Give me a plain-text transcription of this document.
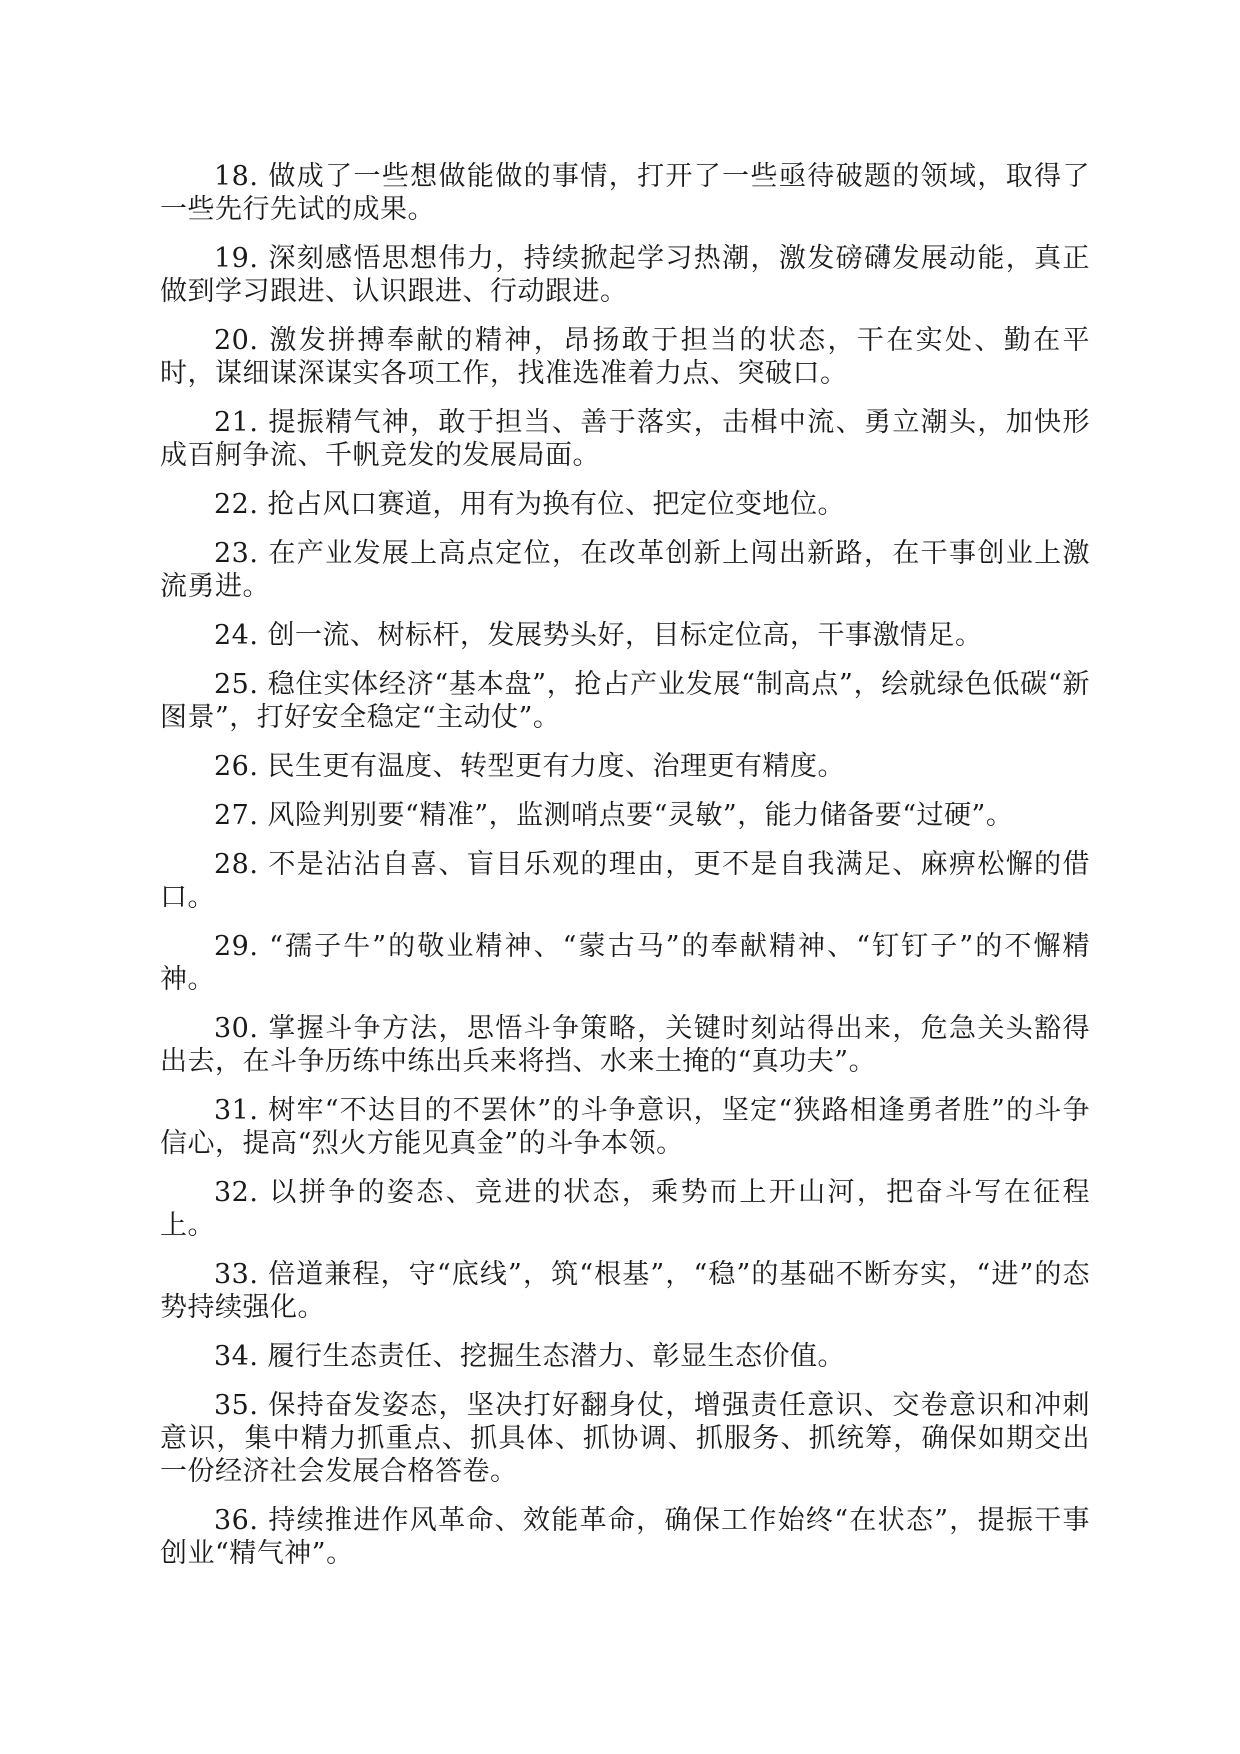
18. 做成了一些想做能做的事情，打开了一些亟待破题的领域，取得了一些先行先试的成果。

19. 深刻感悟思想伟力，持续掀起学习热潮，激发磅礴发展动能，真正做到学习跟进、认识跟进、行动跟进。

20. 激发拼搏奉献的精神，昂扬敢于担当的状态，干在实处、勤在平时，谋细谋深谋实各项工作，找准选准着力点、突破口。

21. 提振精气神，敢于担当、善于落实，击楫中流、勇立潮头，加快形成百舸争流、千帆竞发的发展局面。

22. 抢占风口赛道，用有为换有位、把定位变地位。

23. 在产业发展上高点定位，在改革创新上闯出新路，在干事创业上激流勇进。

24. 创一流、树标杆，发展势头好，目标定位高，干事激情足。

25. 稳住实体经济“基本盘”，抢占产业发展“制高点”，绘就绿色低碳“新图景”，打好安全稳定“主动仗”。

26. 民生更有温度、转型更有力度、治理更有精度。

27. 风险判别要“精准”，监测哨点要“灵敏”，能力储备要“过硬”。

28. 不是沾沾自喜、盲目乐观的理由，更不是自我满足、麻痹松懈的借口。

29. “孺子牛”的敬业精神、“蒙古马”的奉献精神、“钉钉子”的不懈精神。

30. 掌握斗争方法，思悟斗争策略，关键时刻站得出来，危急关头豁得出去，在斗争历练中练出兵来将挡、水来土掩的“真功夫”。

31. 树牢“不达目的不罢休”的斗争意识，坚定“狭路相逢勇者胜”的斗争信心，提高“烈火方能见真金”的斗争本领。

32. 以拼争的姿态、竞进的状态，乘势而上开山河，把奋斗写在征程上。

33. 倍道兼程，守“底线”，筑“根基”，“稳”的基础不断夯实，“进”的态势持续强化。

34. 履行生态责任、挖掘生态潜力、彰显生态价值。

35. 保持奋发姿态，坚决打好翻身仗，增强责任意识、交卷意识和冲刺意识，集中精力抓重点、抓具体、抓协调、抓服务、抓统筹，确保如期交出一份经济社会发展合格答卷。

36. 持续推进作风革命、效能革命，确保工作始终“在状态”，提振干事创业“精气神”。
